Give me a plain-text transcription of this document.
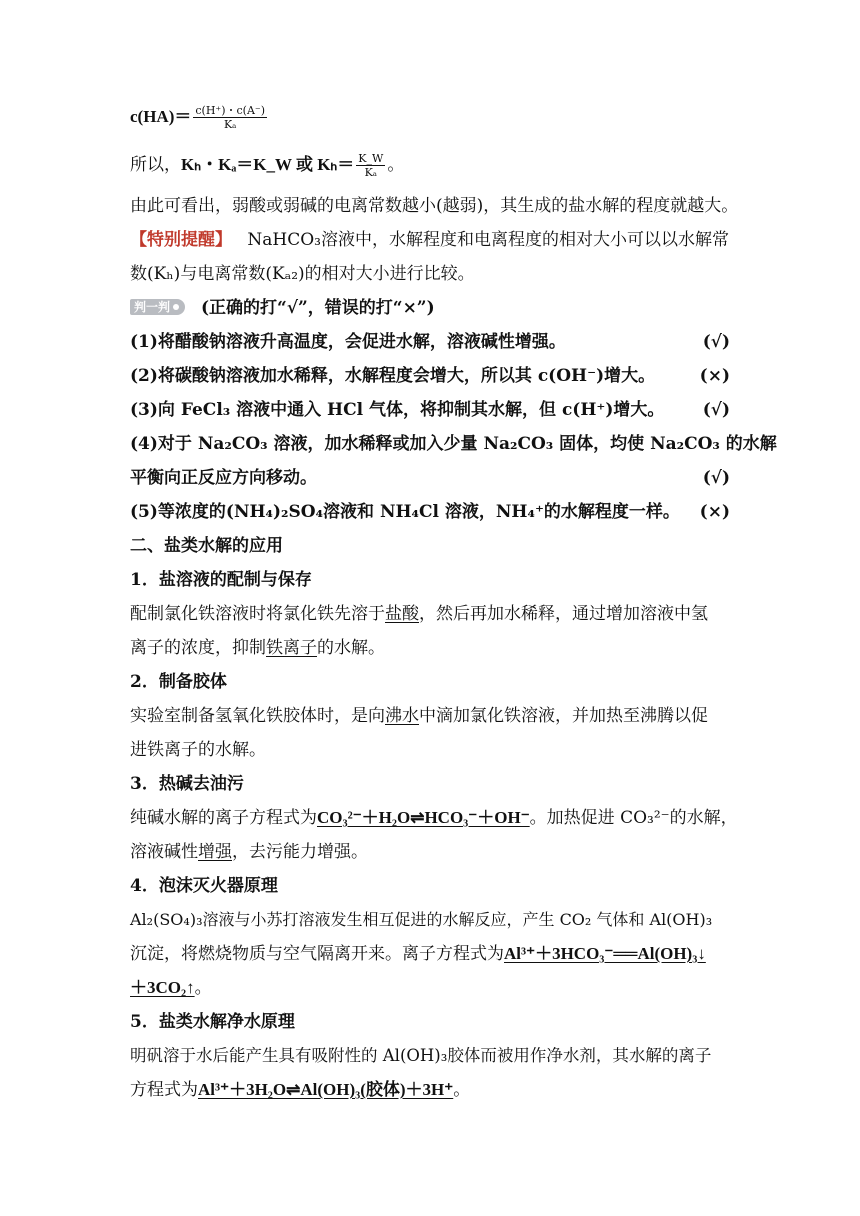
$c(HA)= \frac{c(H^+)・c(A^-)}{\text{Kₐ}}$
所以，Kₕ・Kₐ＝K_W 或 $K_h= \frac{K\_W}{\text{Kₐ}}$ 。
由此可看出，弱酸或弱碱的电离常数越小(越弱)，其生成的盐水解的程度就越大。
【特别提醒】 NaHCO₃溶液中，水解程度和电离程度的相对大小可以以水解常
数(Kₕ)与电离常数(Kₐ₂)的相对大小进行比较。
判一判 (正确的打“√”，错误的打“×”)
(1)将醋酸钠溶液升高温度，会促进水解，溶液碱性增强。	(√)
(2)将碳酸钠溶液加水稀释，水解程度会增大，所以其 c(OH⁻)增大。	(×)
(3)向 FeCl₃ 溶液中通入 HCl 气体，将抑制其水解，但 c(H⁺)增大。	(√)
(4)对于 Na₂CO₃ 溶液，加水稀释或加入少量 Na₂CO₃ 固体，均使 Na₂CO₃ 的水解
平衡向正反应方向移动。	(√)
(5)等浓度的(NH₄)₂SO₄溶液和 NH₄Cl 溶液，NH₄⁺的水解程度一样。	(×)
二、盐类水解的应用
1．盐溶液的配制与保存
配制氯化铁溶液时将氯化铁先溶于盐酸，然后再加水稀释，通过增加溶液中氢
离子的浓度，抑制铁离子的水解。
2．制备胶体
实验室制备氢氧化铁胶体时，是向沸水中滴加氯化铁溶液，并加热至沸腾以促
进铁离子的水解。
3．热碱去油污
纯碱水解的离子方程式为CO₃²⁻＋H₂O⇌HCO₃⁻＋OH⁻。加热促进 CO₃²⁻的水解，
溶液碱性增强，去污能力增强。
4．泡沫灭火器原理
Al₂(SO₄)₃溶液与小苏打溶液发生相互促进的水解反应，产生 CO₂ 气体和 Al(OH)₃
沉淀，将燃烧物质与空气隔离开来。离子方程式为Al³⁺＋3HCO₃⁻══Al(OH)₃↓
＋3CO₂↑。
5．盐类水解净水原理
明矾溶于水后能产生具有吸附性的 Al(OH)₃胶体而被用作净水剂，其水解的离子
方程式为Al³⁺＋3H₂O⇌Al(OH)₃(胶体)＋3H⁺。
